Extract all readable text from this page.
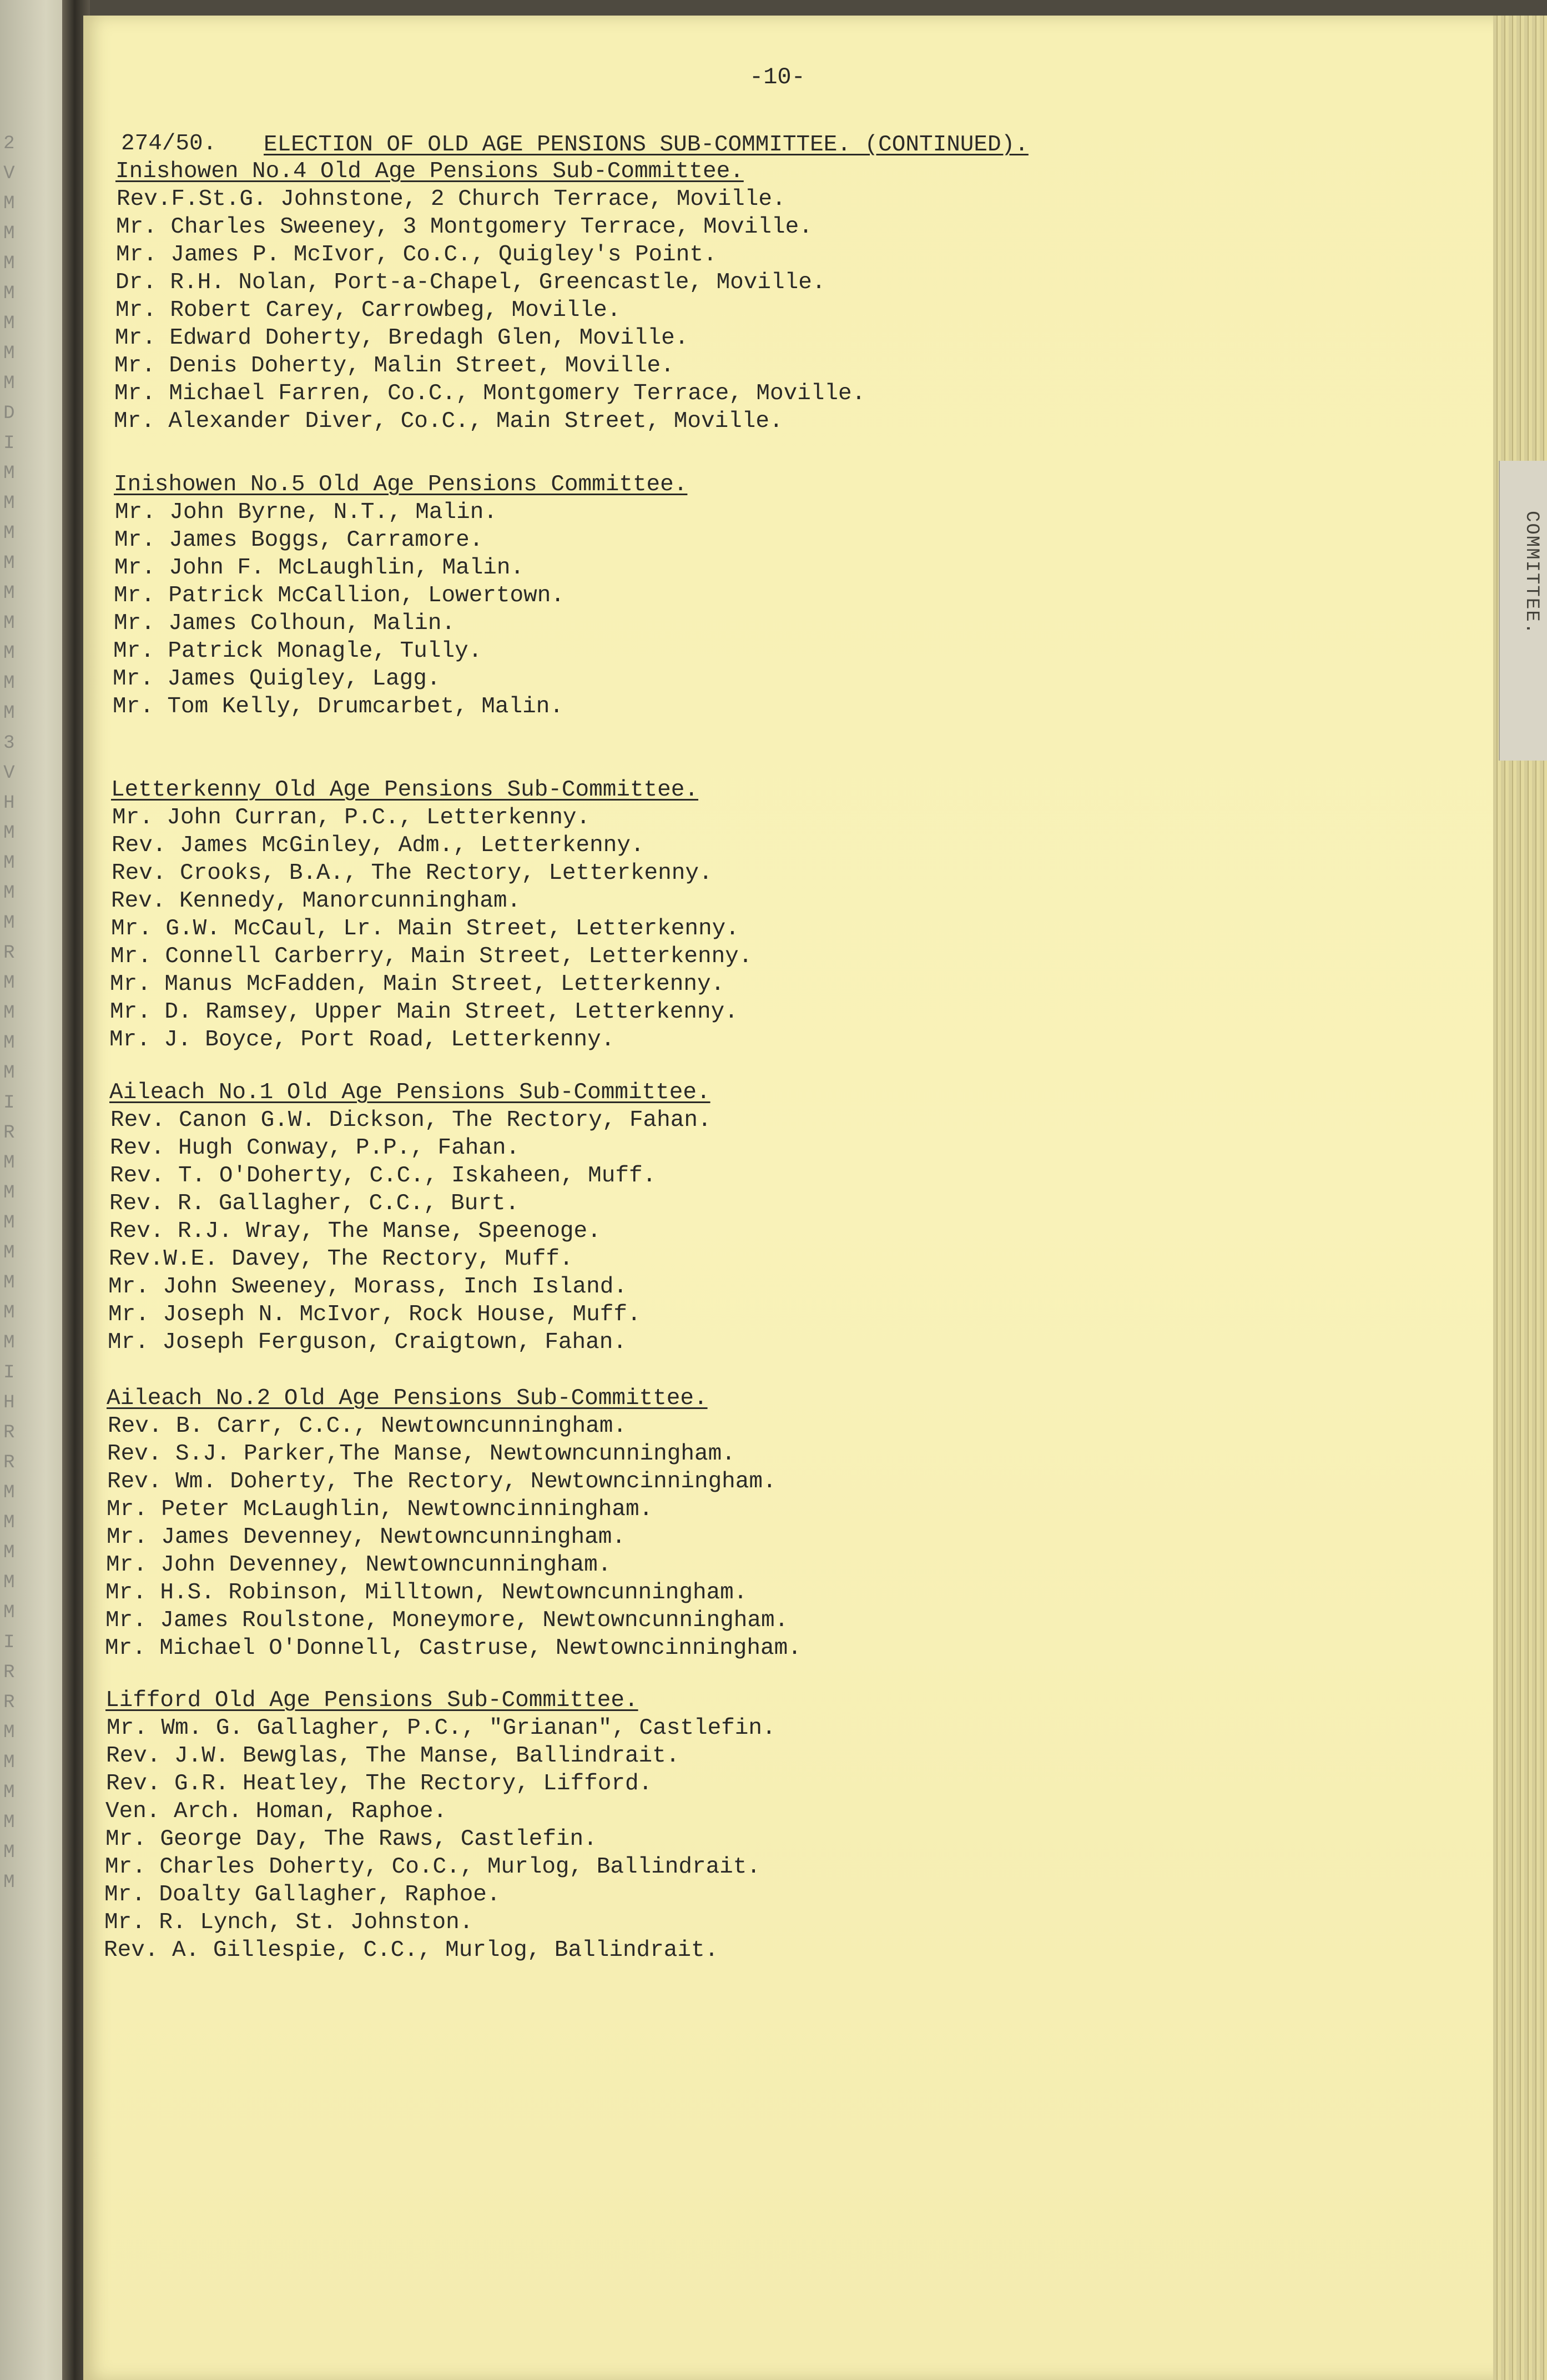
2
V
M
M
M
M
M
M
M
D
I
M
M
M
M
M
M
M
M
M
3
V
H
M
M
M
M
R
M
M
M
M
I
R
M
M
M
M
M
M
M
I
H
R
R
M
M
M
M
M
I
R
R
M
M
M
M
M
M

-10-

274/50.

ELECTION OF OLD AGE PENSIONS SUB-COMMITTEE. (CONTINUED).

Inishowen No.4 Old Age Pensions Sub-Committee.
Rev.F.St.G. Johnstone, 2 Church Terrace, Moville.
Mr. Charles Sweeney, 3 Montgomery Terrace, Moville.
Mr. James P. McIvor, Co.C., Quigley's Point.
Dr. R.H. Nolan, Port-a-Chapel, Greencastle, Moville.
Mr. Robert Carey, Carrowbeg, Moville.
Mr. Edward Doherty, Bredagh Glen, Moville.
Mr. Denis Doherty, Malin Street, Moville.
Mr. Michael Farren, Co.C., Montgomery Terrace, Moville.
Mr. Alexander Diver, Co.C., Main Street, Moville.
Inishowen No.5 Old Age Pensions Committee.
Mr. John Byrne, N.T., Malin.
Mr. James Boggs, Carramore.
Mr. John F. McLaughlin, Malin.
Mr. Patrick McCallion, Lowertown.
Mr. James Colhoun, Malin.
Mr. Patrick Monagle, Tully.
Mr. James Quigley, Lagg.
Mr. Tom Kelly, Drumcarbet, Malin.
Letterkenny Old Age Pensions Sub-Committee.
Mr. John Curran, P.C., Letterkenny.
Rev. James McGinley, Adm., Letterkenny.
Rev. Crooks, B.A., The Rectory, Letterkenny.
Rev. Kennedy, Manorcunningham.
Mr. G.W. McCaul, Lr. Main Street, Letterkenny.
Mr. Connell Carberry, Main Street, Letterkenny.
Mr. Manus McFadden, Main Street, Letterkenny.
Mr. D. Ramsey, Upper Main Street, Letterkenny.
Mr. J. Boyce, Port Road, Letterkenny.
Aileach No.1 Old Age Pensions Sub-Committee.
Rev. Canon G.W. Dickson, The Rectory, Fahan.
Rev. Hugh Conway, P.P., Fahan.
Rev. T. O'Doherty, C.C., Iskaheen, Muff.
Rev. R. Gallagher, C.C., Burt.
Rev. R.J. Wray, The Manse, Speenoge.
Rev.W.E. Davey, The Rectory, Muff.
Mr. John Sweeney, Morass, Inch Island.
Mr. Joseph N. McIvor, Rock House, Muff.
Mr. Joseph Ferguson, Craigtown, Fahan.
Aileach No.2 Old Age Pensions Sub-Committee.
Rev. B. Carr, C.C., Newtowncunningham.
Rev. S.J. Parker,The Manse, Newtowncunningham.
Rev. Wm. Doherty, The Rectory, Newtowncinningham.
Mr. Peter McLaughlin, Newtowncinningham.
Mr. James Devenney, Newtowncunningham.
Mr. John Devenney, Newtowncunningham.
Mr. H.S. Robinson, Milltown, Newtowncunningham.
Mr. James Roulstone, Moneymore, Newtowncunningham.
Mr. Michael O'Donnell, Castruse, Newtowncinningham.
Lifford Old Age Pensions Sub-Committee.
Mr. Wm. G. Gallagher, P.C., "Grianan", Castlefin.
Rev. J.W. Bewglas, The Manse, Ballindrait.
Rev. G.R. Heatley, The Rectory, Lifford.
Ven. Arch. Homan, Raphoe.
Mr. George Day, The Raws, Castlefin.
Mr. Charles Doherty, Co.C., Murlog, Ballindrait.
Mr. Doalty Gallagher, Raphoe.
Mr. R. Lynch, St. Johnston.
Rev. A. Gillespie, C.C., Murlog, Ballindrait.

COMMITTEE.
